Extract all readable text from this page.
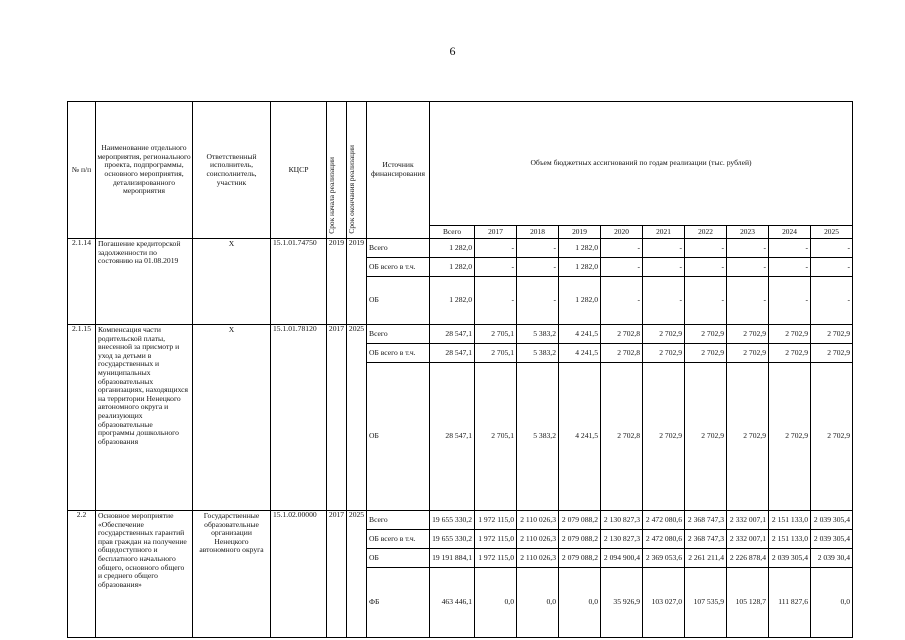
6
№ п/п	Наименование отдельного мероприятия, регионального проекта, подпрограммы, основного мероприятия, детализированного мероприятия	Ответственный исполнитель, соисполнитель, участник	КЦСР	Срок начала реализации	Срок окончания реализации	Источник финансирования	Объем бюджетных ассигнований по годам реализации (тыс. рублей)									
							Всего	2017	2018	2019	2020	2021	2022	2023	2024	2025
2.1.14	Погашение кредиторской задолженности по состоянию на 01.08.2019	Х	15.1.01.74750	2019	2019	Всего	1 282,0	-	-	1 282,0	-	-	-	-	-	-
						ОБ всего в т.ч.	1 282,0	-	-	1 282,0	-	-	-	-	-	-
						ОБ	1 282,0	-	-	1 282,0	-	-	-	-	-	-
2.1.15	Компенсация части родительской платы, внесенной за присмотр и уход за детьми в государственных и муниципальных образовательных организациях, находящихся на территории Ненецкого автономного округа и реализующих образовательные программы дошкольного образования	Х	15.1.01.78120	2017	2025	Всего	28 547,1	2 705,1	5 383,2	4 241,5	2 702,8	2 702,9	2 702,9	2 702,9	2 702,9	2 702,9
						ОБ всего в т.ч.	28 547,1	2 705,1	5 383,2	4 241,5	2 702,8	2 702,9	2 702,9	2 702,9	2 702,9	2 702,9
						ОБ	28 547,1	2 705,1	5 383,2	4 241,5	2 702,8	2 702,9	2 702,9	2 702,9	2 702,9	2 702,9
2.2	Основное мероприятие «Обеспечение государственных гарантий прав граждан на получение общедоступного и бесплатного начального общего, основного общего и среднего общего образования»	Государственные образовательные организации Ненецкого автономного округа	15.1.02.00000	2017	2025	Всего	19 655 330,2	1 972 115,0	2 110 026,3	2 079 088,2	2 130 827,3	2 472 080,6	2 368 747,3	2 332 007,1	2 151 133,0	2 039 305,4
						ОБ всего в т.ч.	19 655 330,2	1 972 115,0	2 110 026,3	2 079 088,2	2 130 827,3	2 472 080,6	2 368 747,3	2 332 007,1	2 151 133,0	2 039 305,4
						ОБ	19 191 884,1	1 972 115,0	2 110 026,3	2 079 088,2	2 094 900,4	2 369 053,6	2 261 211,4	2 226 878,4	2 039 305,4	2 039 30,4
						ФБ	463 446,1	0,0	0,0	0,0	35 926,9	103 027,0	107 535,9	105 128,7	111 827,6	0,0
